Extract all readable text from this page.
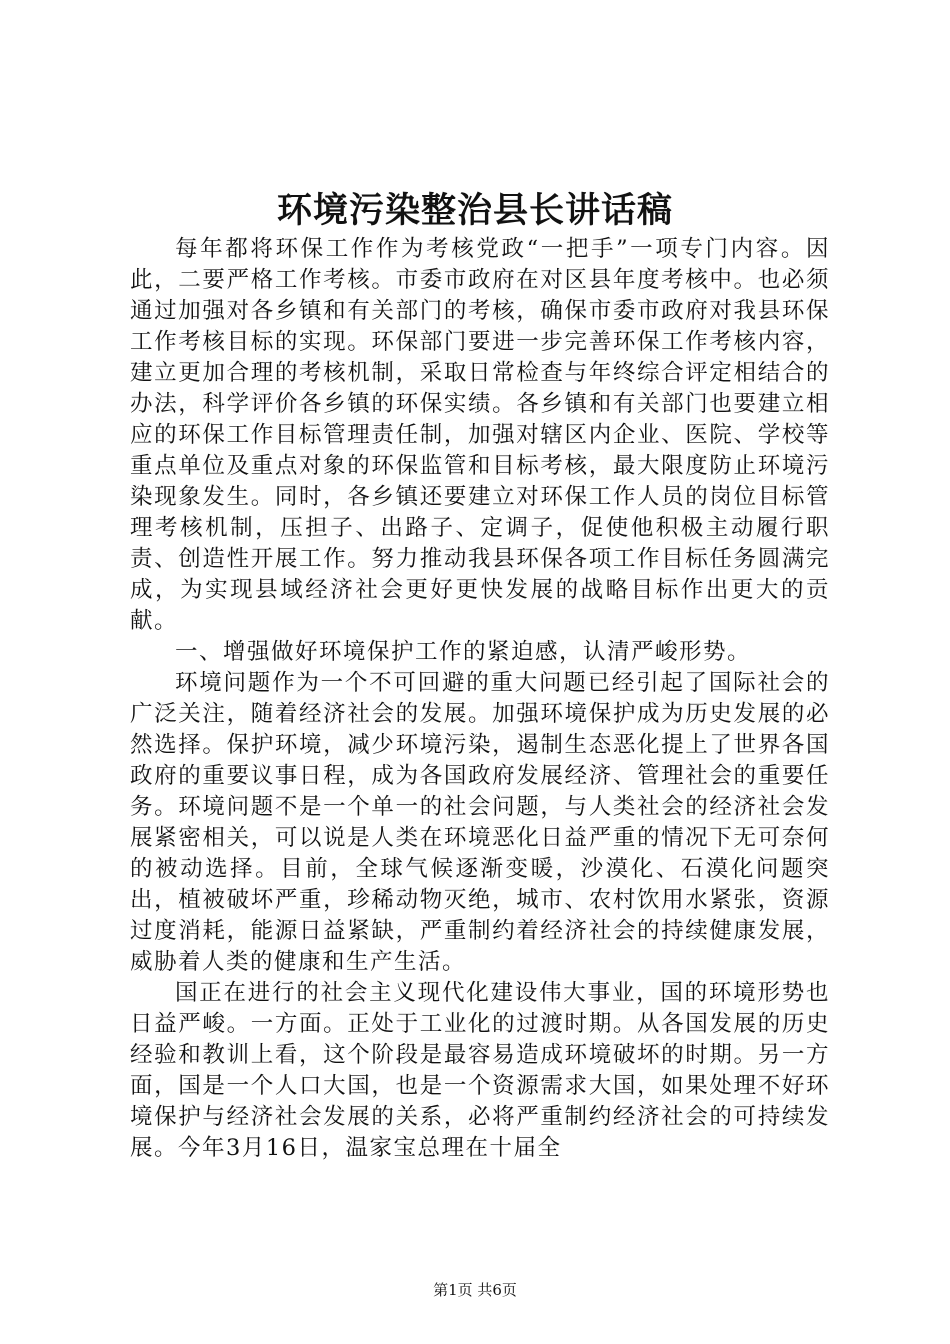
环境污染整治县长讲话稿

每年都将环保工作作为考核党政“一把手”一项专门内容。因此，二要严格工作考核。市委市政府在对区县年度考核中。也必须通过加强对各乡镇和有关部门的考核，确保市委市政府对我县环保工作考核目标的实现。环保部门要进一步完善环保工作考核内容，建立更加合理的考核机制，采取日常检查与年终综合评定相结合的办法，科学评价各乡镇的环保实绩。各乡镇和有关部门也要建立相应的环保工作目标管理责任制，加强对辖区内企业、医院、学校等重点单位及重点对象的环保监管和目标考核，最大限度防止环境污染现象发生。同时，各乡镇还要建立对环保工作人员的岗位目标管理考核机制，压担子、出路子、定调子，促使他积极主动履行职责、创造性开展工作。努力推动我县环保各项工作目标任务圆满完成，为实现县域经济社会更好更快发展的战略目标作出更大的贡献。

一、增强做好环境保护工作的紧迫感，认清严峻形势。

环境问题作为一个不可回避的重大问题已经引起了国际社会的广泛关注，随着经济社会的发展。加强环境保护成为历史发展的必然选择。保护环境，减少环境污染，遏制生态恶化提上了世界各国政府的重要议事日程，成为各国政府发展经济、管理社会的重要任务。环境问题不是一个单一的社会问题，与人类社会的经济社会发展紧密相关，可以说是人类在环境恶化日益严重的情况下无可奈何的被动选择。目前，全球气候逐渐变暖，沙漠化、石漠化问题突出，植被破坏严重，珍稀动物灭绝，城市、农村饮用水紧张，资源过度消耗，能源日益紧缺，严重制约着经济社会的持续健康发展，威胁着人类的健康和生产生活。

国正在进行的社会主义现代化建设伟大事业，国的环境形势也日益严峻。一方面。正处于工业化的过渡时期。从各国发展的历史经验和教训上看，这个阶段是最容易造成环境破坏的时期。另一方面，国是一个人口大国，也是一个资源需求大国，如果处理不好环境保护与经济社会发展的关系，必将严重制约经济社会的可持续发展。今年3月16日，温家宝总理在十届全

第1页 共6页
